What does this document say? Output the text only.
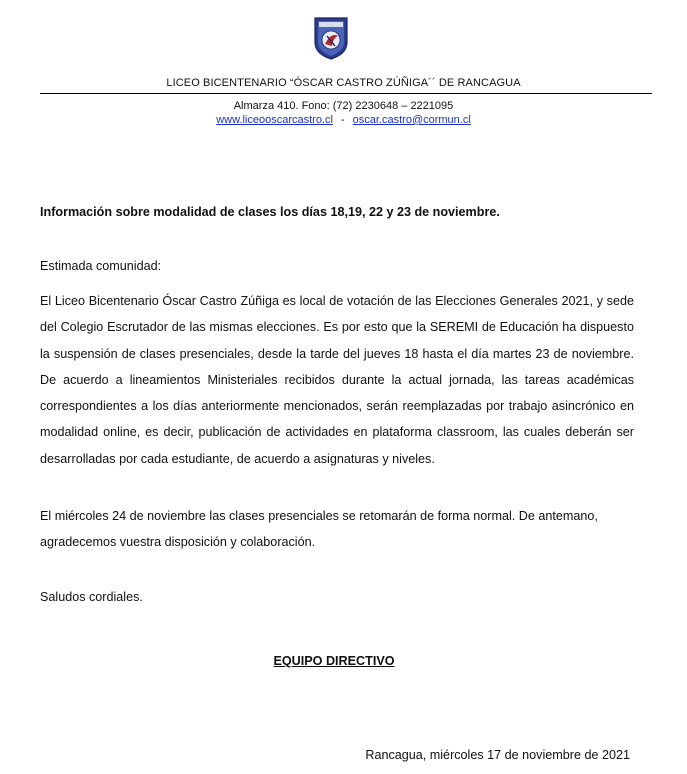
LICEO BICENTENARIO “ÓSCAR CASTRO ZÚÑIGA´´ DE RANCAGUA
Almarza 410. Fono: (72) 2230648 – 2221095
www.liceooscarcastro.cl - oscar.castro@cormun.cl
Información sobre modalidad de clases los días 18,19, 22 y 23 de noviembre.
Estimada comunidad:

El Liceo Bicentenario Óscar Castro Zúñiga es local de votación de las Elecciones Generales 2021, y sede del Colegio Escrutador de las mismas elecciones. Es por esto que la SEREMI de Educación ha dispuesto la suspensión de clases presenciales, desde la tarde del jueves 18 hasta el día martes 23 de noviembre. De acuerdo a lineamientos Ministeriales recibidos durante la actual jornada, las tareas académicas correspondientes a los días anteriormente mencionados, serán reemplazadas por trabajo asincrónico en modalidad online, es decir, publicación de actividades en plataforma classroom, las cuales deberán ser desarrolladas por cada estudiante, de acuerdo a asignaturas y niveles.

El miércoles 24 de noviembre las clases presenciales se retomarán de forma normal. De antemano, agradecemos vuestra disposición y colaboración.

Saludos cordiales.
EQUIPO DIRECTIVO
Rancagua, miércoles 17 de noviembre de 2021
